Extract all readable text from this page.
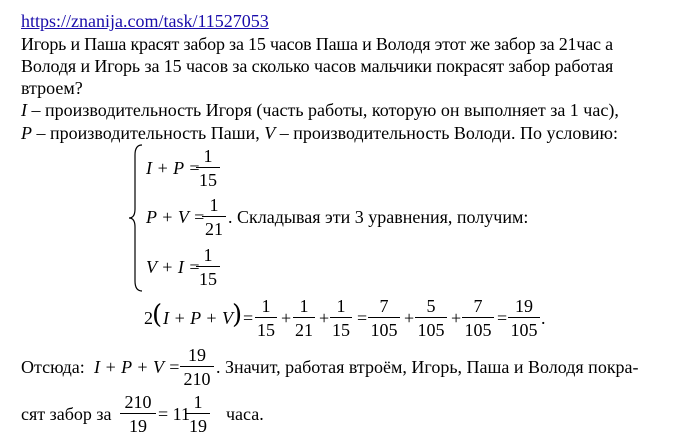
https://znanija.com/task/11527053
Игорь и Паша красят забор за 15 часов Паша и Володя этот же забор за 21час а
Володя и Игорь за 15 часов за сколько часов мальчики покрасят забор работая
втроем?
I – производительность Игоря (часть работы, которую он выполняет за 1 час),
P – производительность Паши, V – производительность Володи. По условию:
I + P =
1
15
P + V =
1
21
. Складывая эти 3 уравнения, получим:
V + I =
1
15
2 ( I + P + V ) =
1
15
+
1
21
+
1
15
=
7
105
+
5
105
+
7
105
=
19
105
.
Отсюда: I + P + V =
19
210
. Значит, работая втроём, Игорь, Паша и Володя покра-
сят забор за
210
19
= 11
1
19
часа.
